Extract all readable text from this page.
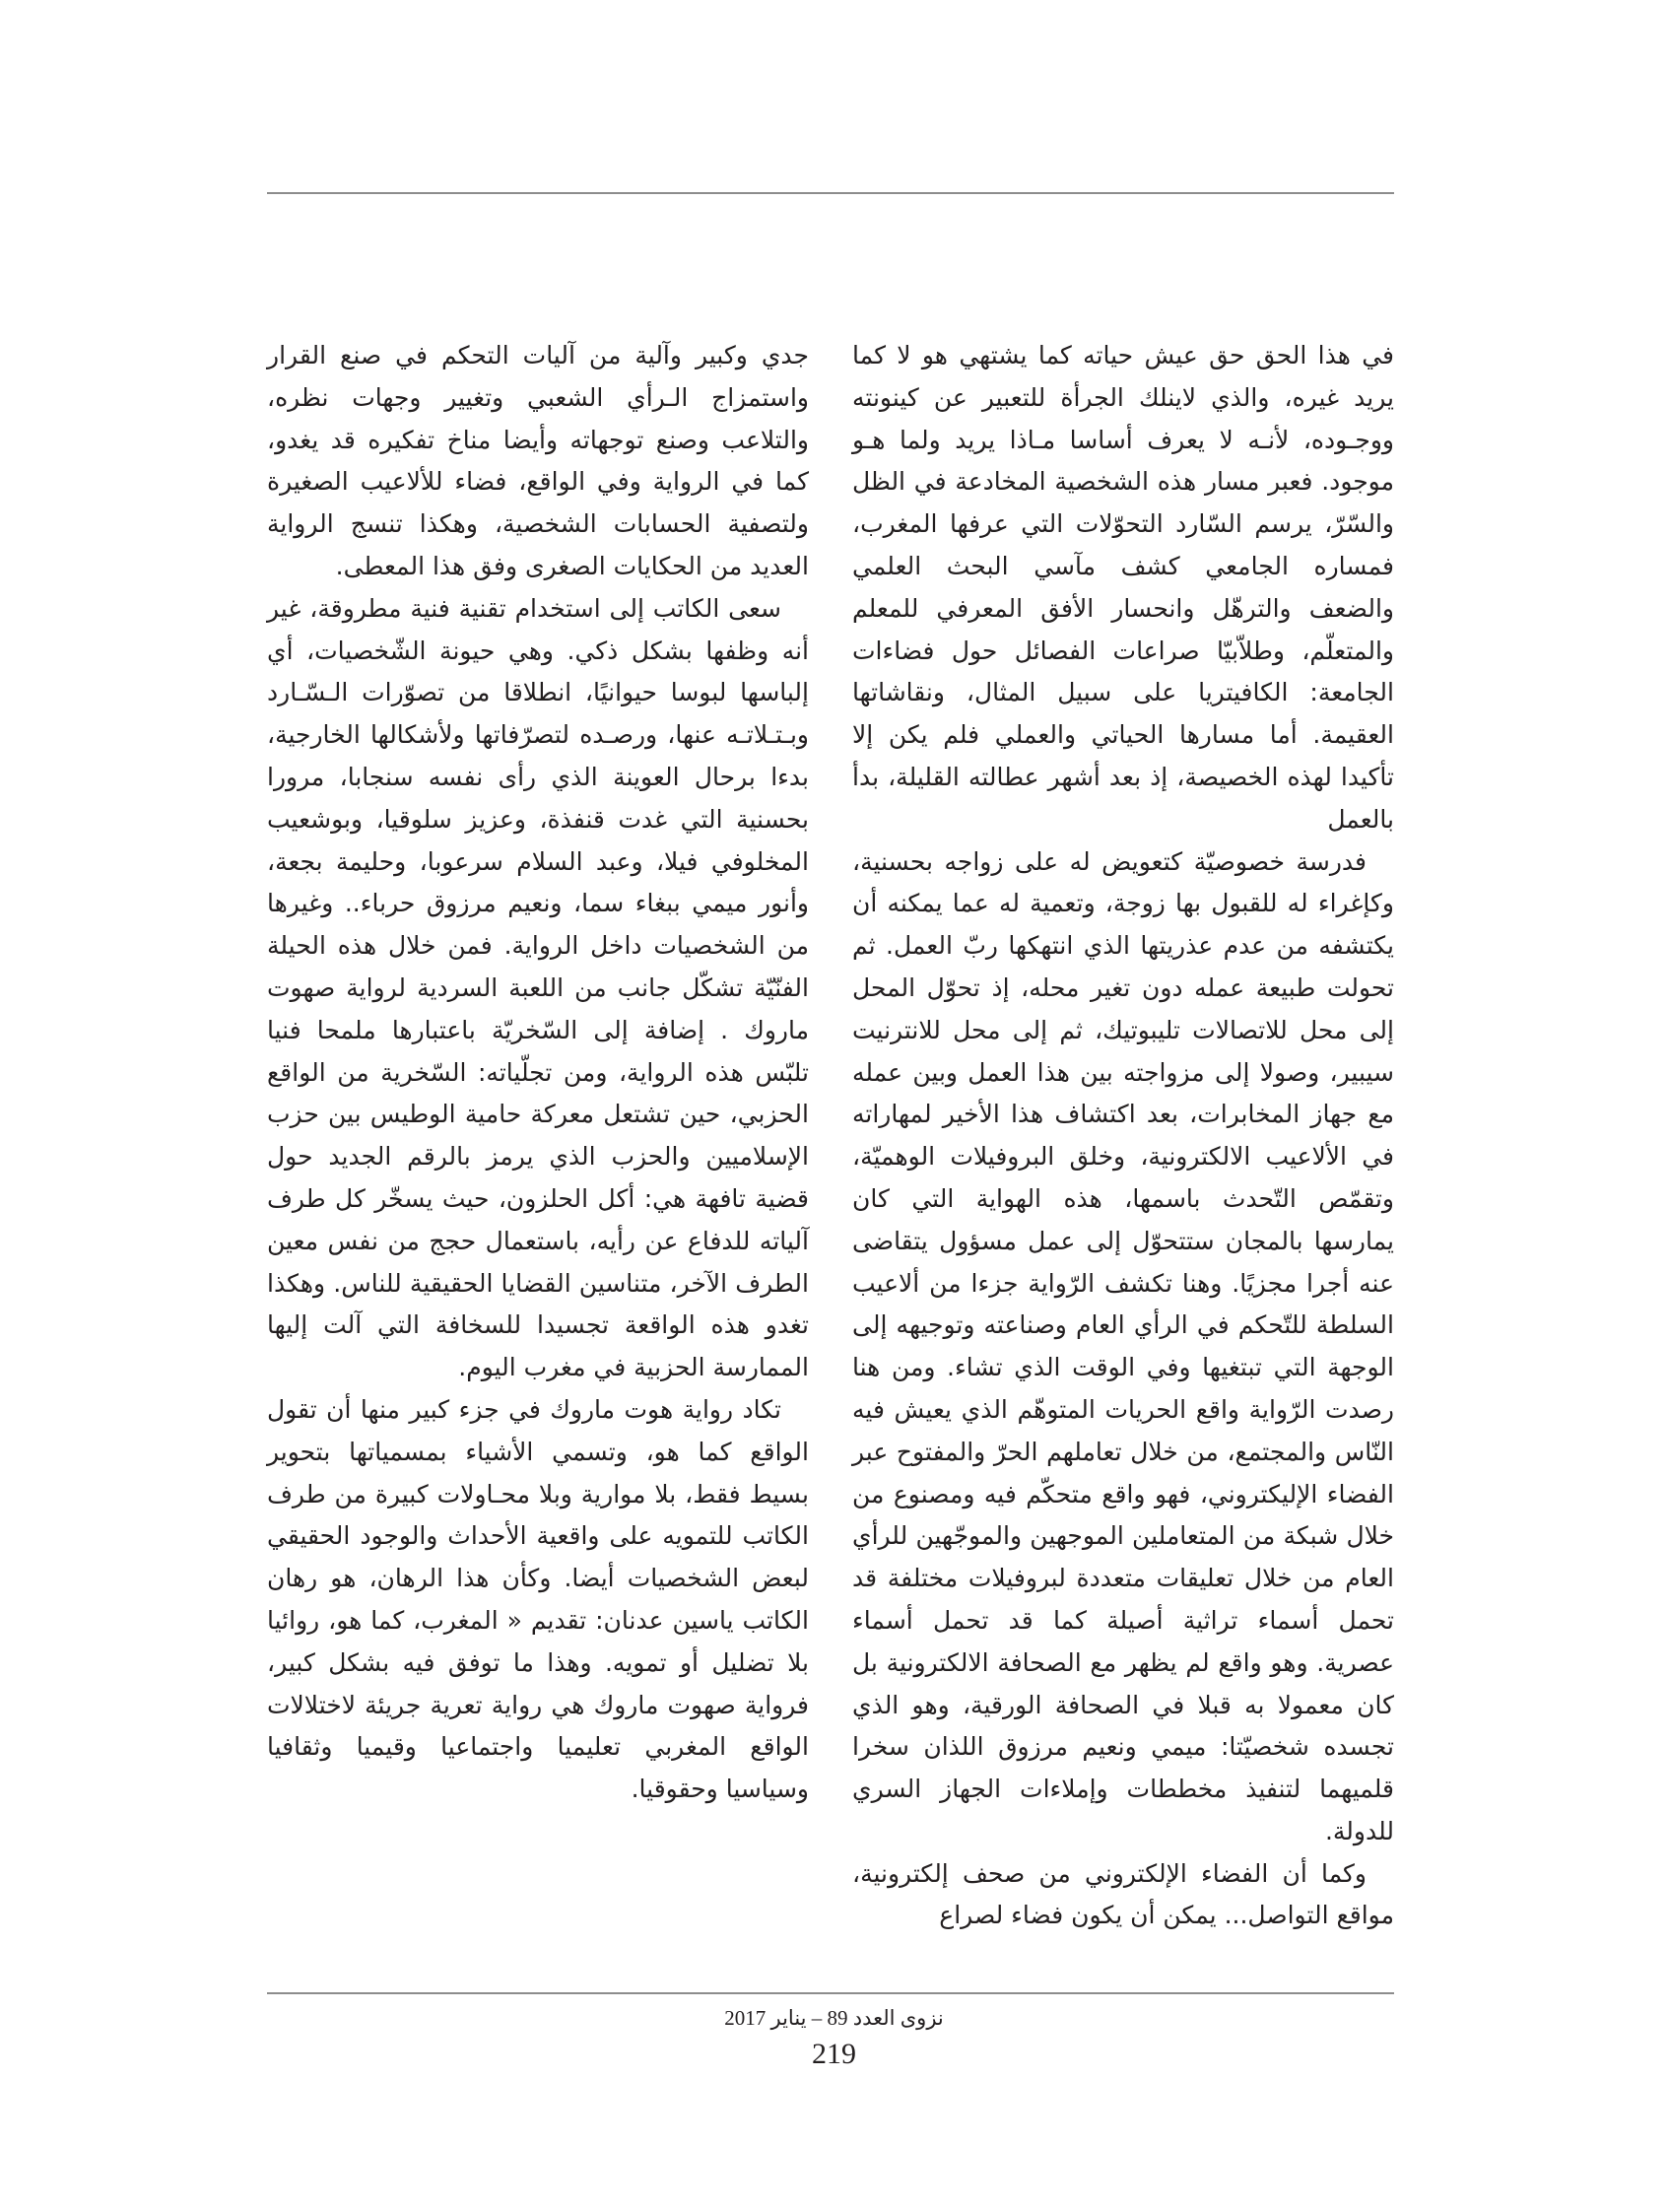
في هذا الحق حق عيش حياته كما يشتهي هو لا كما يريد غيره، والذي لاينلك الجرأة للتعبير عن كينونته ووجـوده، لأنـه لا يعرف أساسا مـاذا يريد ولما هـو موجود. فعبر مسار هذه الشخصية المخادعة في الظل والسّرّ، يرسم السّارد التحوّلات التي عرفها المغرب، فمساره الجامعي كشف مآسي البحث العلمي والضعف والترهّل وانحسار الأفق المعرفي للمعلم والمتعلّم، وطلاّبيّا صراعات الفصائل حول فضاءات الجامعة: الكافيتريا على سبيل المثال، ونقاشاتها العقيمة. أما مسارها الحياتي والعملي فلم يكن إلا تأكيدا لهذه الخصيصة، إذ بعد أشهر عطالته القليلة، بدأ بالعمل

فدرسة خصوصيّة كتعويض له على زواجه بحسنية، وكإغراء له للقبول بها زوجة، وتعمية له عما يمكنه أن يكتشفه من عدم عذريتها الذي انتهكها ربّ العمل. ثم تحولت طبيعة عمله دون تغير محله، إذ تحوّل المحل إلى محل للاتصالات تليبوتيك، ثم إلى محل للانترنيت سيبير، وصولا إلى مزواجته بين هذا العمل وبين عمله مع جهاز المخابرات، بعد اكتشاف هذا الأخير لمهاراته في الألاعيب الالكترونية، وخلق البروفيلات الوهميّة، وتقمّص التّحدث باسمها، هذه الهواية التي كان يمارسها بالمجان ستتحوّل إلى عمل مسؤول يتقاضى عنه أجرا مجزيًا. وهنا تكشف الرّواية جزءا من ألاعيب السلطة للتّحكم في الرأي العام وصناعته وتوجيهه إلى الوجهة التي تبتغيها وفي الوقت الذي تشاء. ومن هنا رصدت الرّواية واقع الحريات المتوهّم الذي يعيش فيه النّاس والمجتمع، من خلال تعاملهم الحرّ والمفتوح عبر الفضاء الإليكتروني، فهو واقع متحكّم فيه ومصنوع من خلال شبكة من المتعاملين الموجهين والموجّهين للرأي العام من خلال تعليقات متعددة لبروفيلات مختلفة قد تحمل أسماء تراثية أصيلة كما قد تحمل أسماء عصرية. وهو واقع لم يظهر مع الصحافة الالكترونية بل كان معمولا به قبلا في الصحافة الورقية، وهو الذي تجسده شخصيّتا: ميمي ونعيم مرزوق اللذان سخرا قلميهما لتنفيذ مخططات وإملاءات الجهاز السري للدولة.

وكما أن الفضاء الإلكتروني من صحف إلكترونية، مواقع التواصل... يمكن أن يكون فضاء لصراع

جدي وكبير وآلية من آليات التحكم في صنع القرار واستمزاج الـرأي الشعبي وتغيير وجهات نظره، والتلاعب وصنع توجهاته وأيضا مناخ تفكيره قد يغدو، كما في الرواية وفي الواقع، فضاء للألاعيب الصغيرة ولتصفية الحسابات الشخصية، وهكذا تنسج الرواية العديد من الحكايات الصغرى وفق هذا المعطى.

سعى الكاتب إلى استخدام تقنية فنية مطروقة، غير أنه وظفها بشكل ذكي. وهي حيونة الشّخصيات، أي إلباسها لبوسا حيوانيًا، انطلاقا من تصوّرات الـسّـارد وبـتـلاتـه عنها، ورصـده لتصرّفاتها ولأشكالها الخارجية، بدءا برحال العوينة الذي رأى نفسه سنجابا، مرورا بحسنية التي غدت قنفذة، وعزيز سلوقيا، وبوشعيب المخلوفي فيلا، وعبد السلام سرعوبا، وحليمة بجعة، وأنور ميمي ببغاء سما، ونعيم مرزوق حرباء.. وغيرها من الشخصيات داخل الرواية. فمن خلال هذه الحيلة الفنّيّة تشكّل جانب من اللعبة السردية لرواية صهوت ماروك . إضافة إلى السّخريّة باعتبارها ملمحا فنيا تلبّس هذه الرواية، ومن تجلّياته: السّخرية من الواقع الحزبي، حين تشتعل معركة حامية الوطيس بين حزب الإسلاميين والحزب الذي يرمز بالرقم الجديد حول قضية تافهة هي: أكل الحلزون، حيث يسخّر كل طرف آلياته للدفاع عن رأيه، باستعمال حجج من نفس معين الطرف الآخر، متناسين القضايا الحقيقية للناس. وهكذا تغدو هذه الواقعة تجسيدا للسخافة التي آلت إليها الممارسة الحزبية في مغرب اليوم.

تكاد رواية هوت ماروك في جزء كبير منها أن تقول الواقع كما هو، وتسمي الأشياء بمسمياتها بتحوير بسيط فقط، بلا موارية وبلا محـاولات كبيرة من طرف الكاتب للتمويه على واقعية الأحداث والوجود الحقيقي لبعض الشخصيات أيضا. وكأن هذا الرهان، هو رهان الكاتب ياسين عدنان: تقديم « المغرب، كما هو، روائيا بلا تضليل أو تمويه. وهذا ما توفق فيه بشكل كبير، فرواية صهوت ماروك هي رواية تعرية جريئة لاختلالات الواقع المغربي تعليميا واجتماعيا وقيميا وثقافيا وسياسيا وحقوقيا.

نزوى العدد 89 – يناير 2017
219
